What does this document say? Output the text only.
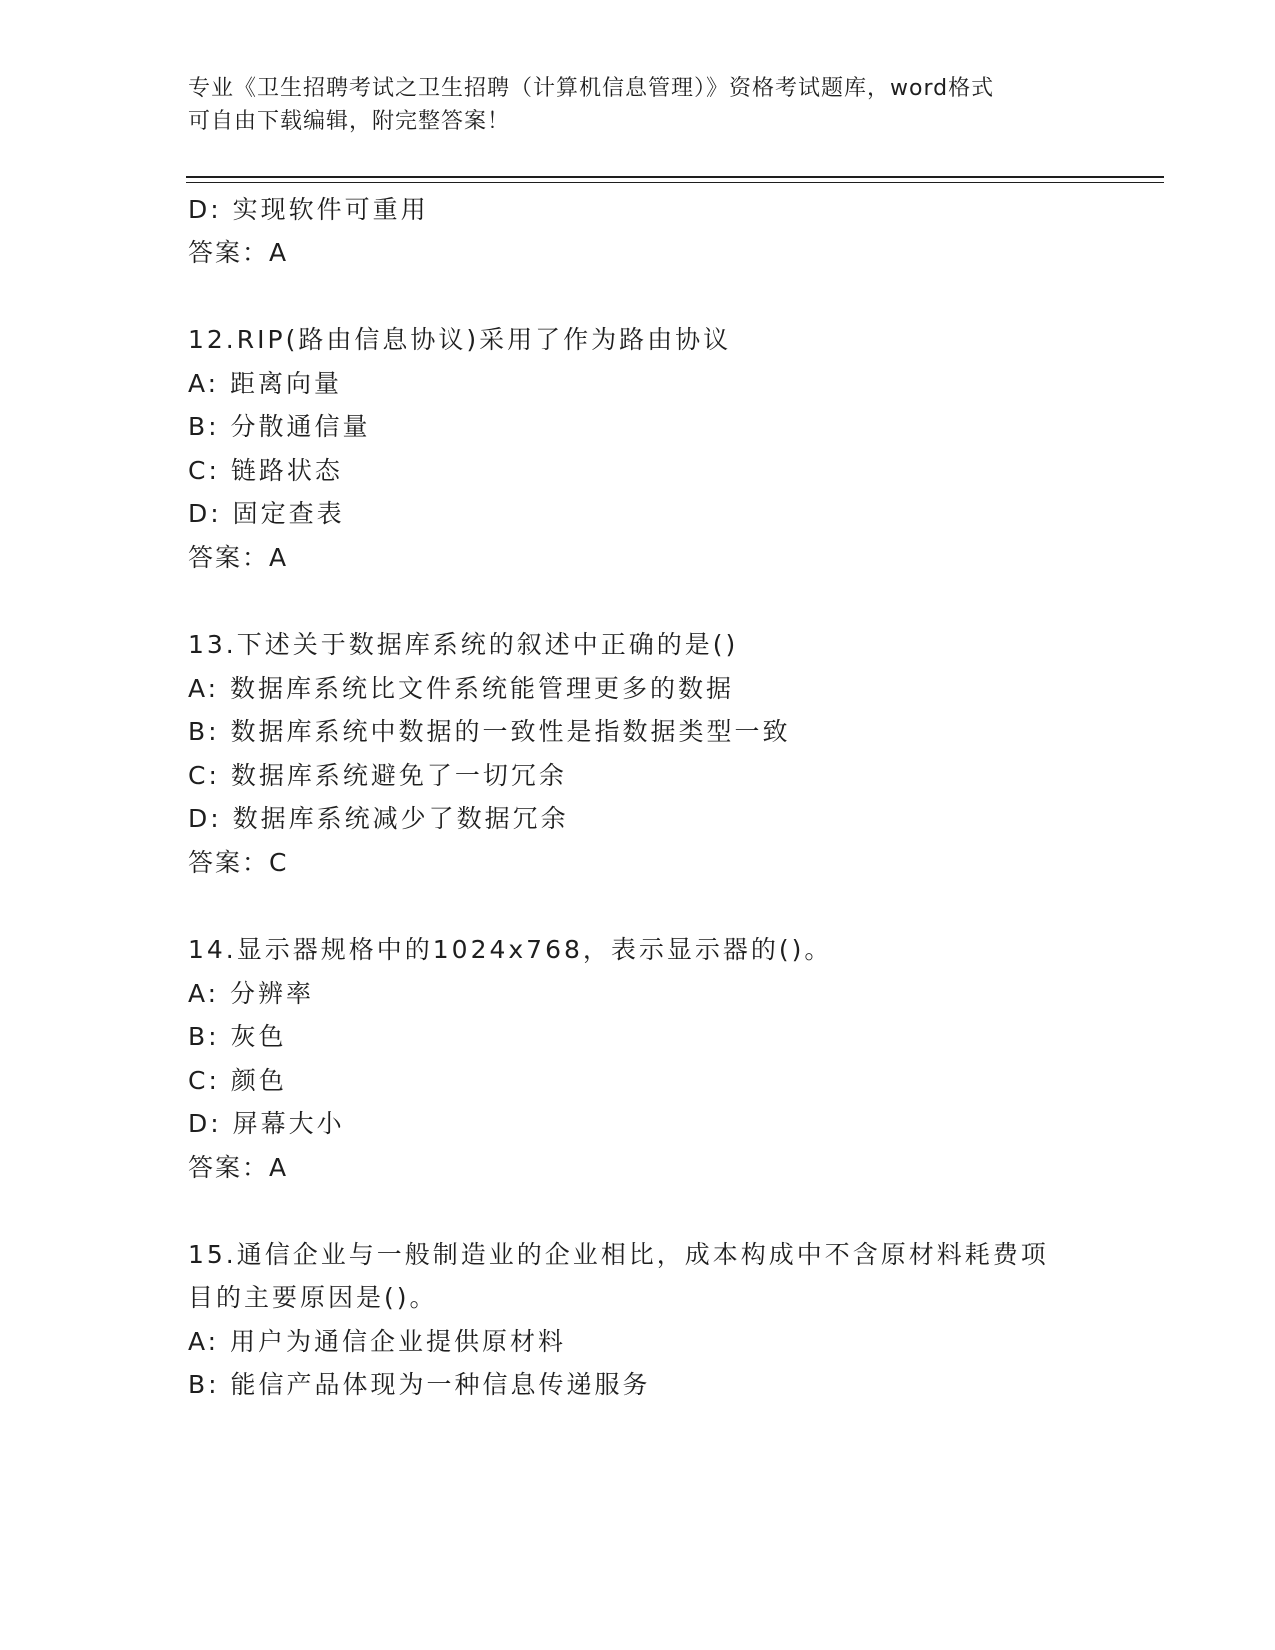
专业《卫生招聘考试之卫生招聘（计算机信息管理）》资格考试题库，word格式
可自由下载编辑，附完整答案！
D: 实现软件可重用
答案：A
12.RIP(路由信息协议)采用了作为路由协议
A: 距离向量
B: 分散通信量
C: 链路状态
D: 固定查表
答案：A
13.下述关于数据库系统的叙述中正确的是()
A: 数据库系统比文件系统能管理更多的数据
B: 数据库系统中数据的一致性是指数据类型一致
C: 数据库系统避免了一切冗余
D: 数据库系统减少了数据冗余
答案：C
14.显示器规格中的1024x768，表示显示器的()。
A: 分辨率
B: 灰色
C: 颜色
D: 屏幕大小
答案：A
15.通信企业与一般制造业的企业相比，成本构成中不含原材料耗费项
目的主要原因是()。
A: 用户为通信企业提供原材料
B: 能信产品体现为一种信息传递服务
